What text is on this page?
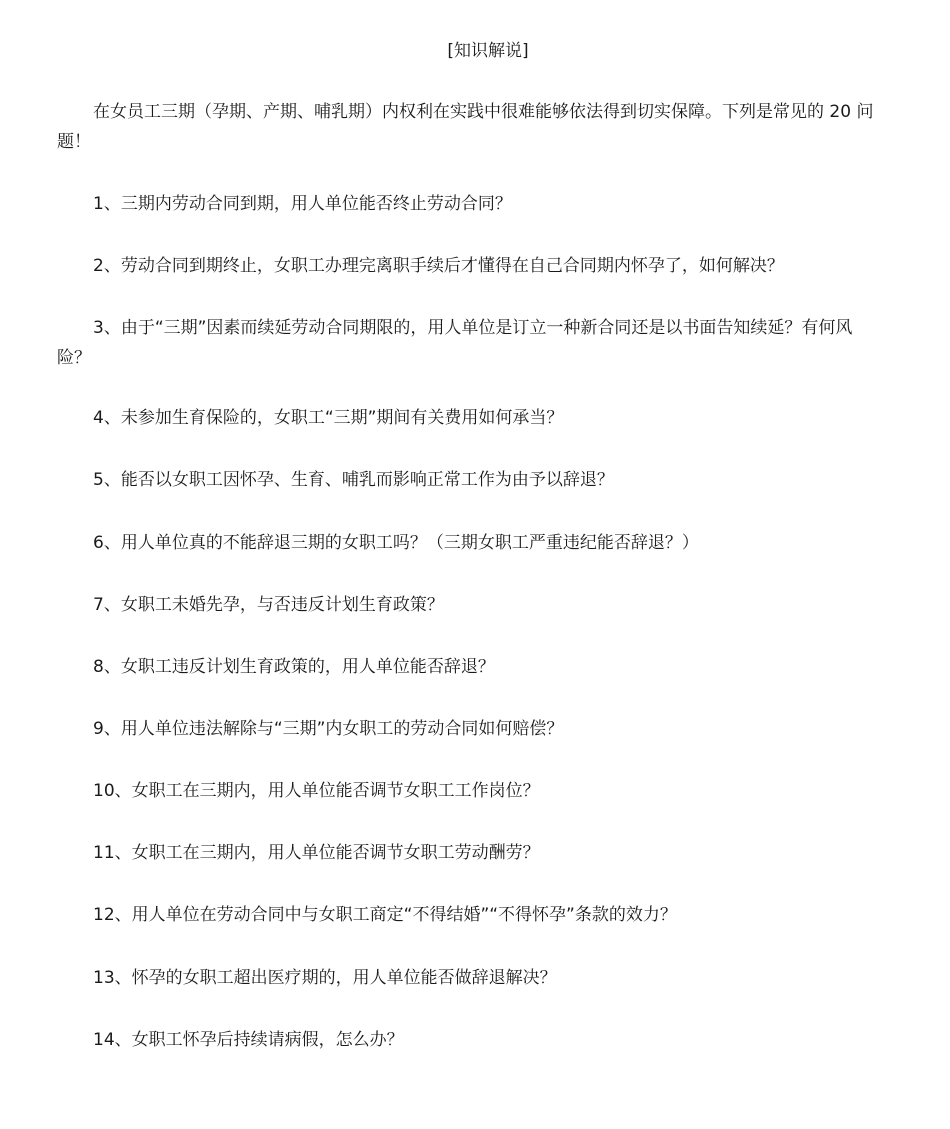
[知识解说]

在女员工三期（孕期、产期、哺乳期）内权利在实践中很难能够依法得到切实保障。下列是常见的 20 问题！

1、三期内劳动合同到期，用人单位能否终止劳动合同？

2、劳动合同到期终止，女职工办理完离职手续后才懂得在自己合同期内怀孕了，如何解决？

3、由于“三期”因素而续延劳动合同期限的，用人单位是订立一种新合同还是以书面告知续延？有何风险？

4、未参加生育保险的，女职工“三期”期间有关费用如何承当？

5、能否以女职工因怀孕、生育、哺乳而影响正常工作为由予以辞退？

6、用人单位真的不能辞退三期的女职工吗？（三期女职工严重违纪能否辞退？）

7、女职工未婚先孕，与否违反计划生育政策？

8、女职工违反计划生育政策的，用人单位能否辞退？

9、用人单位违法解除与“三期”内女职工的劳动合同如何赔偿？

10、女职工在三期内，用人单位能否调节女职工工作岗位？

11、女职工在三期内，用人单位能否调节女职工劳动酬劳？

12、用人单位在劳动合同中与女职工商定“不得结婚”“不得怀孕”条款的效力？

13、怀孕的女职工超出医疗期的，用人单位能否做辞退解决？

14、女职工怀孕后持续请病假，怎么办？
